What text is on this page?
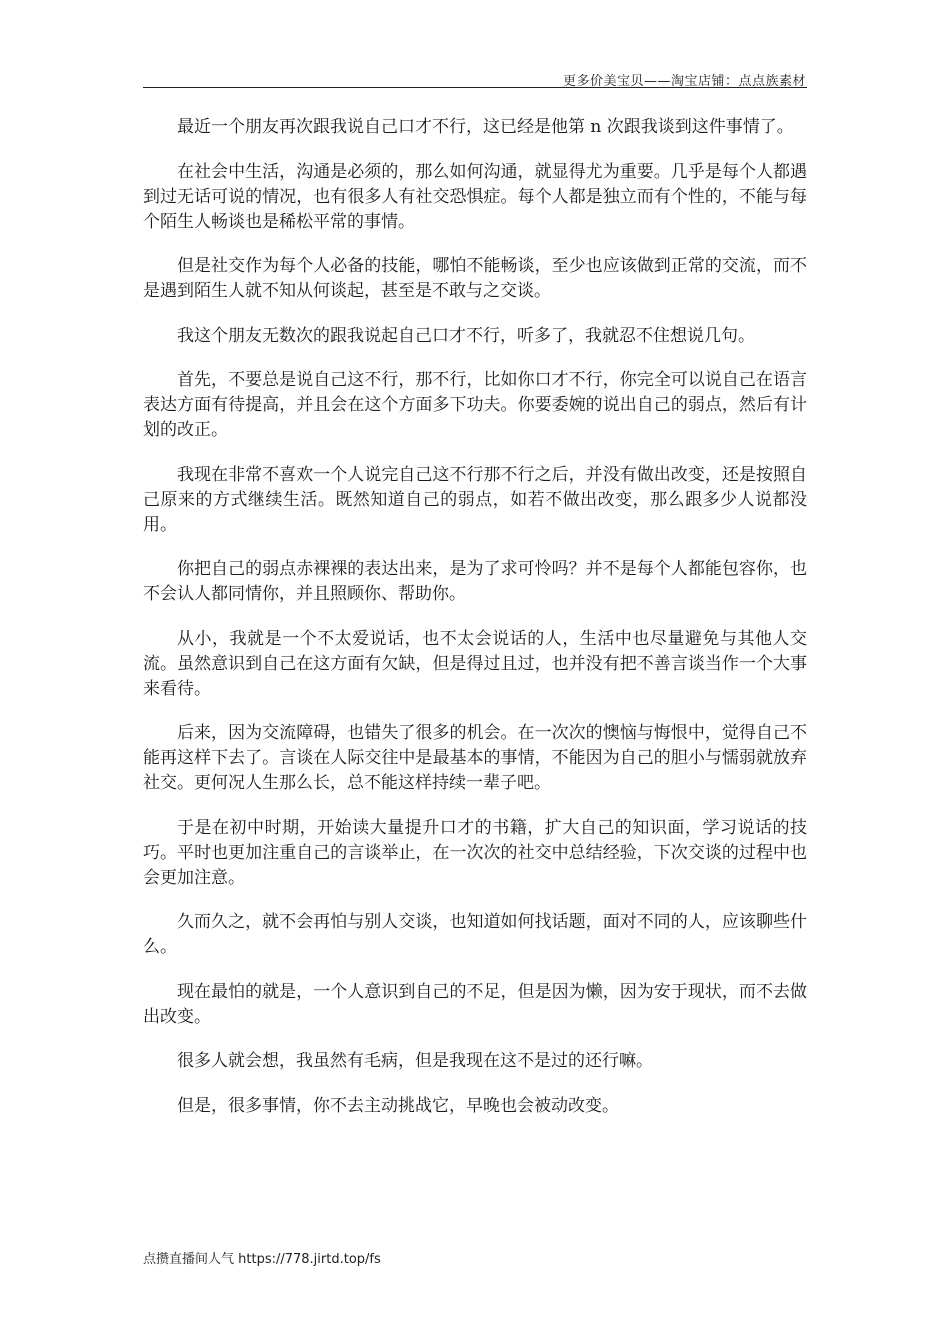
更多价美宝贝——淘宝店铺：点点族素材

最近一个朋友再次跟我说自己口才不行，这已经是他第 n 次跟我谈到这件事情了。

在社会中生活，沟通是必须的，那么如何沟通，就显得尤为重要。几乎是每个人都遇到过无话可说的情况，也有很多人有社交恐惧症。每个人都是独立而有个性的，不能与每个陌生人畅谈也是稀松平常的事情。

但是社交作为每个人必备的技能，哪怕不能畅谈，至少也应该做到正常的交流，而不是遇到陌生人就不知从何谈起，甚至是不敢与之交谈。

我这个朋友无数次的跟我说起自己口才不行，听多了，我就忍不住想说几句。

首先，不要总是说自己这不行，那不行，比如你口才不行，你完全可以说自己在语言表达方面有待提高，并且会在这个方面多下功夫。你要委婉的说出自己的弱点，然后有计划的改正。

我现在非常不喜欢一个人说完自己这不行那不行之后，并没有做出改变，还是按照自己原来的方式继续生活。既然知道自己的弱点，如若不做出改变，那么跟多少人说都没用。

你把自己的弱点赤裸裸的表达出来，是为了求可怜吗？并不是每个人都能包容你，也不会认人都同情你，并且照顾你、帮助你。

从小，我就是一个不太爱说话，也不太会说话的人，生活中也尽量避免与其他人交流。虽然意识到自己在这方面有欠缺，但是得过且过，也并没有把不善言谈当作一个大事来看待。

后来，因为交流障碍，也错失了很多的机会。在一次次的懊恼与悔恨中，觉得自己不能再这样下去了。言谈在人际交往中是最基本的事情，不能因为自己的胆小与懦弱就放弃社交。更何况人生那么长，总不能这样持续一辈子吧。

于是在初中时期，开始读大量提升口才的书籍，扩大自己的知识面，学习说话的技巧。平时也更加注重自己的言谈举止，在一次次的社交中总结经验，下次交谈的过程中也会更加注意。

久而久之，就不会再怕与别人交谈，也知道如何找话题，面对不同的人，应该聊些什么。

现在最怕的就是，一个人意识到自己的不足，但是因为懒，因为安于现状，而不去做出改变。

很多人就会想，我虽然有毛病，但是我现在这不是过的还行嘛。

但是，很多事情，你不去主动挑战它，早晚也会被动改变。

点攒直播间人气 https://778.jirtd.top/fs
